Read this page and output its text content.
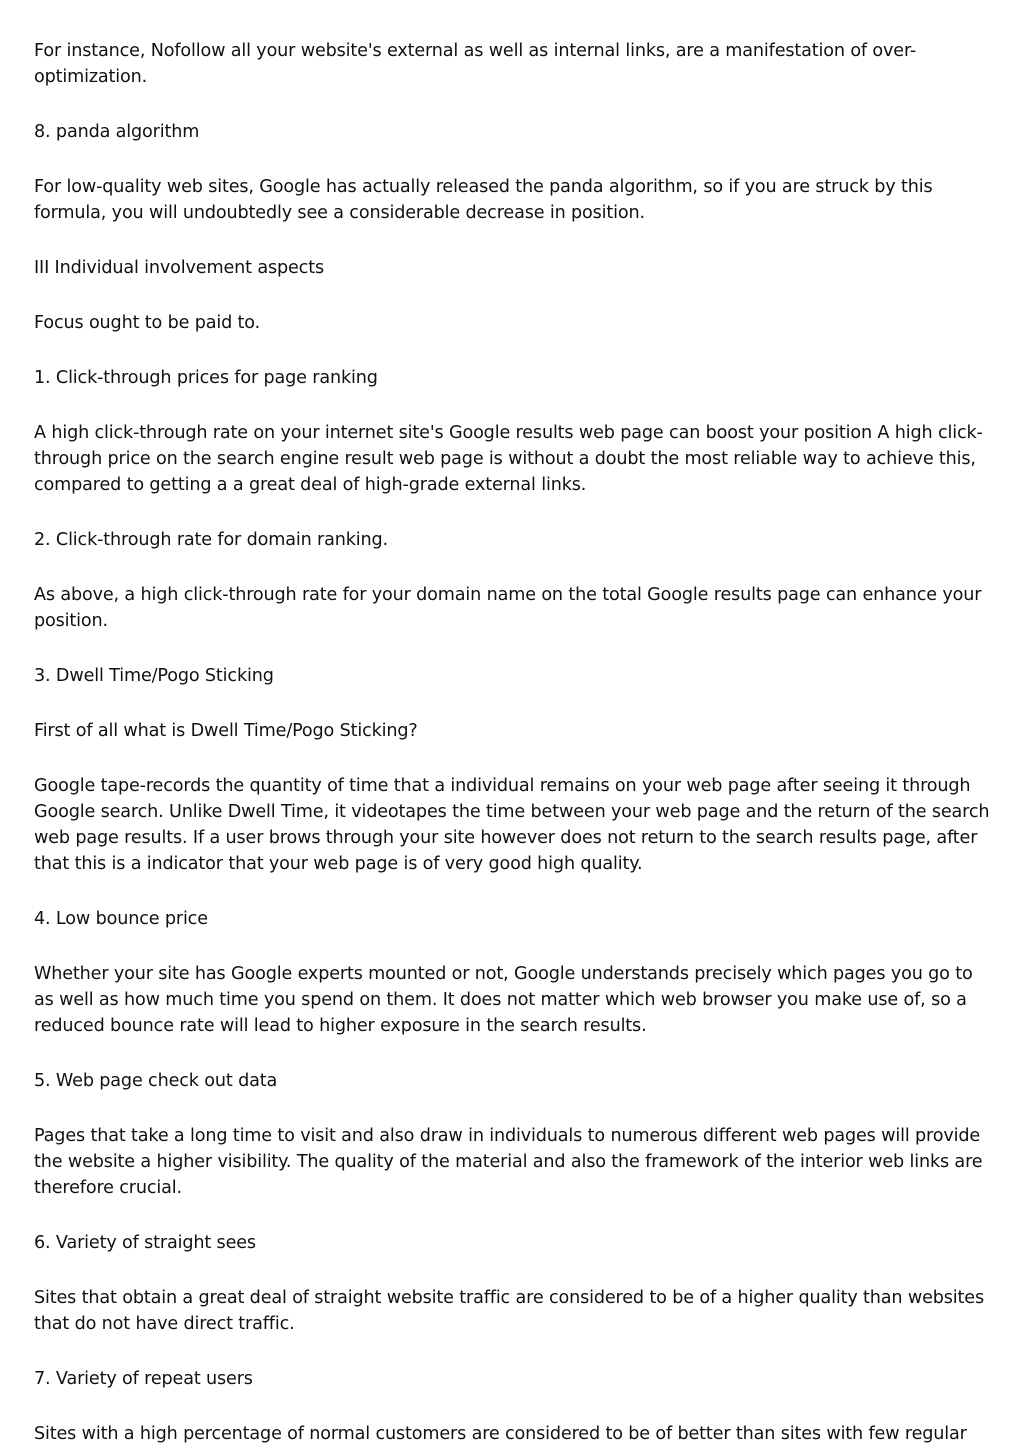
For instance, Nofollow all your website's external as well as internal links, are a manifestation of over-optimization.

8. panda algorithm

For low-quality web sites, Google has actually released the panda algorithm, so if you are struck by this formula, you will undoubtedly see a considerable decrease in position.

III Individual involvement aspects

Focus ought to be paid to.

1. Click-through prices for page ranking

A high click-through rate on your internet site's Google results web page can boost your position A high click-through price on the search engine result web page is without a doubt the most reliable way to achieve this, compared to getting a a great deal of high-grade external links.

2. Click-through rate for domain ranking.

As above, a high click-through rate for your domain name on the total Google results page can enhance your position.

3. Dwell Time/Pogo Sticking

First of all what is Dwell Time/Pogo Sticking?

Google tape-records the quantity of time that a individual remains on your web page after seeing it through Google search. Unlike Dwell Time, it videotapes the time between your web page and the return of the search web page results. If a user brows through your site however does not return to the search results page, after that this is a indicator that your web page is of very good high quality.

4. Low bounce price

Whether your site has Google experts mounted or not, Google understands precisely which pages you go to as well as how much time you spend on them. It does not matter which web browser you make use of, so a reduced bounce rate will lead to higher exposure in the search results.

5. Web page check out data

Pages that take a long time to visit and also draw in individuals to numerous different web pages will provide the website a higher visibility. The quality of the material and also the framework of the interior web links are therefore crucial.

6. Variety of straight sees

Sites that obtain a great deal of straight website traffic are considered to be of a higher quality than websites that do not have direct traffic.

7. Variety of repeat users

Sites with a high percentage of normal customers are considered to be of better than sites with few regular
